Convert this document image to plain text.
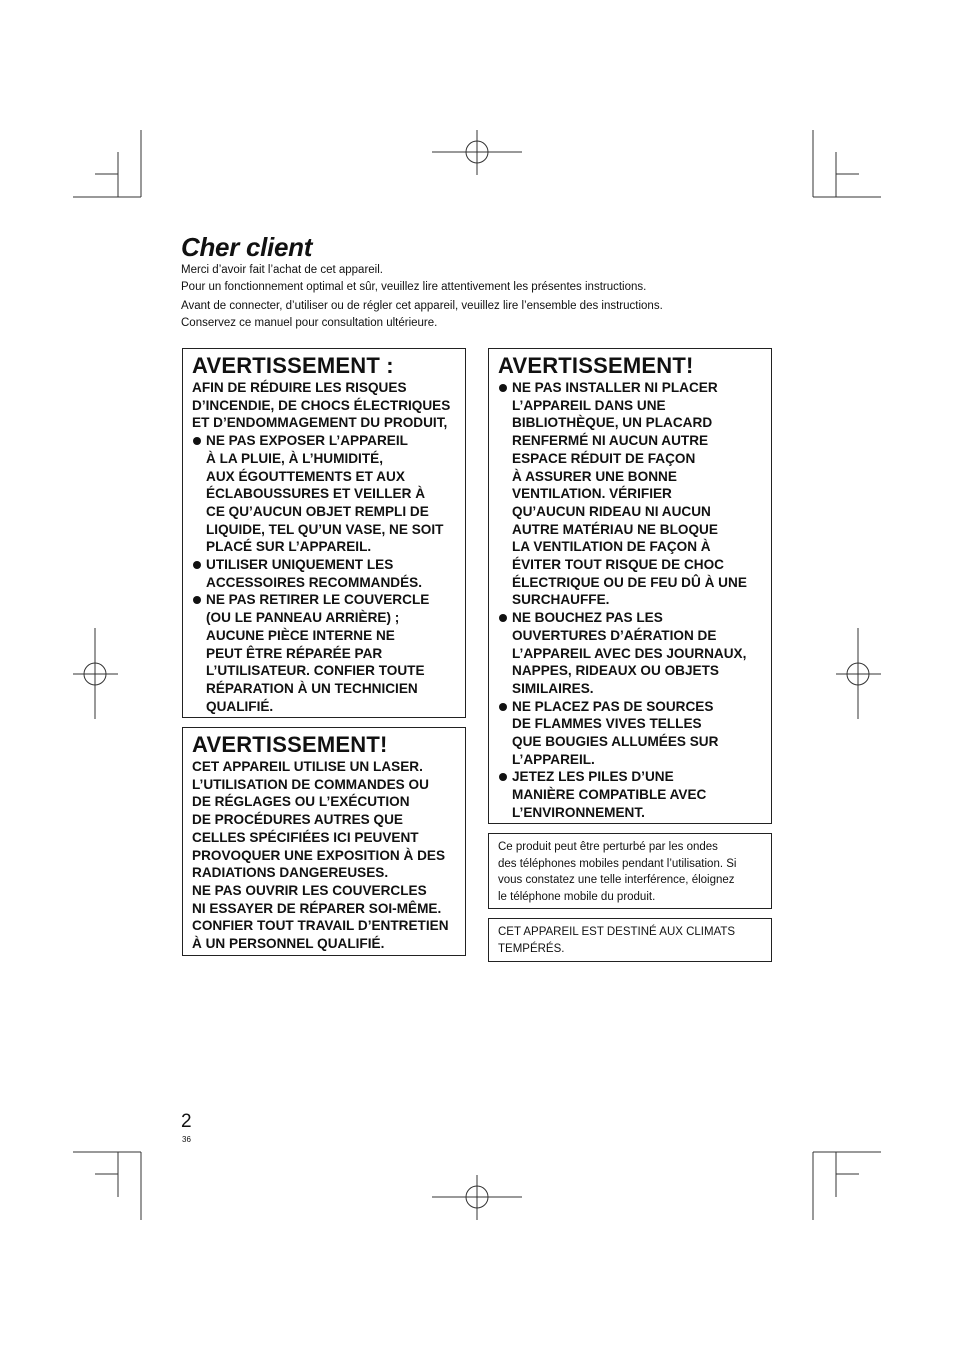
Cher client

Merci d’avoir fait l’achat de cet appareil.

Pour un fonctionnement optimal et sûr, veuillez lire attentivement les présentes instructions.

Avant de connecter, d’utiliser ou de régler cet appareil, veuillez lire l’ensemble des instructions.

Conservez ce manuel pour consultation ultérieure.

AVERTISSEMENT :

AFIN DE RÉDUIRE LES RISQUES
D’INCENDIE, DE CHOCS ÉLECTRIQUES
ET D’ENDOMMAGEMENT DU PRODUIT,

NE PAS EXPOSER L’APPAREIL
À LA PLUIE, À L’HUMIDITÉ,
AUX ÉGOUTTEMENTS ET AUX
ÉCLABOUSSURES ET VEILLER À
CE QU’AUCUN OBJET REMPLI DE
LIQUIDE, TEL QU’UN VASE, NE SOIT
PLACÉ SUR L’APPAREIL.
UTILISER UNIQUEMENT LES
ACCESSOIRES RECOMMANDÉS.
NE PAS RETIRER LE COUVERCLE
(OU LE PANNEAU ARRIÈRE) ;
AUCUNE PIÈCE INTERNE NE
PEUT ÊTRE RÉPARÉE PAR
L’UTILISATEUR. CONFIER TOUTE
RÉPARATION À UN TECHNICIEN
QUALIFIÉ.
AVERTISSEMENT!

CET APPAREIL UTILISE UN LASER.
L’UTILISATION DE COMMANDES OU
DE RÉGLAGES OU L’EXÉCUTION
DE PROCÉDURES AUTRES QUE
CELLES SPÉCIFIÉES ICI PEUVENT
PROVOQUER UNE EXPOSITION À DES
RADIATIONS DANGEREUSES.
NE PAS OUVRIR LES COUVERCLES
NI ESSAYER DE RÉPARER SOI-MÊME.
CONFIER TOUT TRAVAIL D’ENTRETIEN
À UN PERSONNEL QUALIFIÉ.

AVERTISSEMENT!
NE PAS INSTALLER NI PLACER
L’APPAREIL DANS UNE
BIBLIOTHÈQUE, UN PLACARD
RENFERMÉ NI AUCUN AUTRE
ESPACE RÉDUIT DE FAÇON
À ASSURER UNE BONNE
VENTILATION. VÉRIFIER
QU’AUCUN RIDEAU NI AUCUN
AUTRE MATÉRIAU NE BLOQUE
LA VENTILATION DE FAÇON À
ÉVITER TOUT RISQUE DE CHOC
ÉLECTRIQUE OU DE FEU DÛ À UNE
SURCHAUFFE.
NE BOUCHEZ PAS LES
OUVERTURES D’AÉRATION DE
L’APPAREIL AVEC DES JOURNAUX,
NAPPES, RIDEAUX OU OBJETS
SIMILAIRES.
NE PLACEZ PAS DE SOURCES
DE FLAMMES VIVES TELLES
QUE BOUGIES ALLUMÉES SUR
L’APPAREIL.
JETEZ LES PILES D’UNE
MANIÈRE COMPATIBLE AVEC
L’ENVIRONNEMENT.

Ce produit peut être perturbé par les ondes
des téléphones mobiles pendant l’utilisation. Si
vous constatez une telle interférence, éloignez
le téléphone mobile du produit.

CET APPAREIL EST DESTINÉ AUX CLIMATS
TEMPÉRÉS.

2
36
